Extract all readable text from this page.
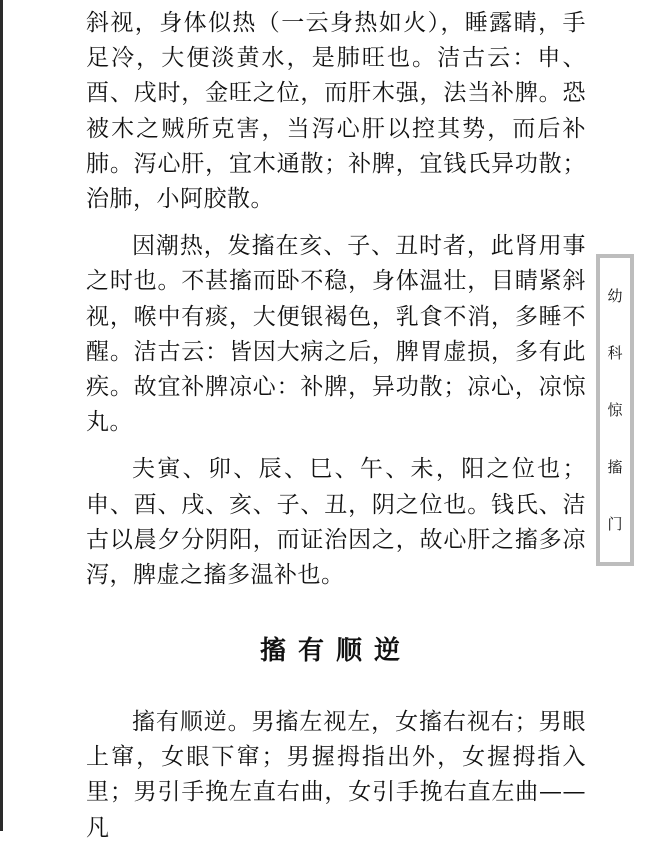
斜视，身体似热（一云身热如火），睡露睛，手足冷，大便淡黄水，是肺旺也。洁古云：申、酉、戌时，金旺之位，而肝木强，法当补脾。恐被木之贼所克害，当泻心肝以控其势，而后补肺。泻心肝，宜木通散；补脾，宜钱氏异功散；治肺，小阿胶散。

因潮热，发搐在亥、子、丑时者，此肾用事之时也。不甚搐而卧不稳，身体温壮，目睛紧斜视，喉中有痰，大便银褐色，乳食不消，多睡不醒。洁古云：皆因大病之后，脾胃虚损，多有此疾。故宜补脾凉心：补脾，异功散；凉心，凉惊丸。

夫寅、卯、辰、巳、午、未，阳之位也；申、酉、戌、亥、子、丑，阴之位也。钱氏、洁古以晨夕分阴阳，而证治因之，故心肝之搐多凉泻，脾虚之搐多温补也。

搐有顺逆

搐有顺逆。男搐左视左，女搐右视右；男眼上窜，女眼下窜；男握拇指出外，女握拇指入里；男引手挽左直右曲，女引手挽右直左曲——凡

幼
科
惊
搐
门
